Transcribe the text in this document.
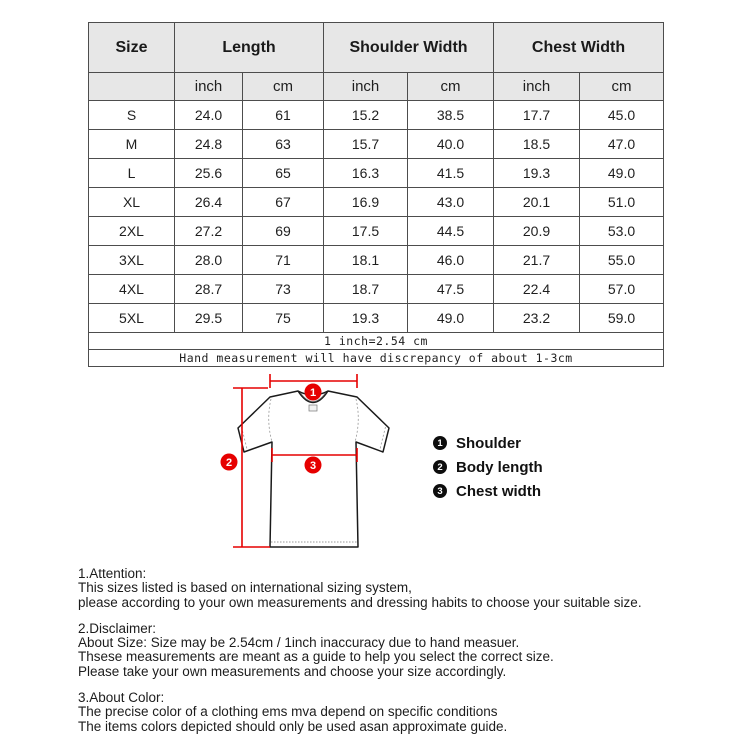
Size	Length		Shoulder Width		Chest Width	
	inch	cm	inch	cm	inch	cm
S	24.0	61	15.2	38.5	17.7	45.0
M	24.8	63	15.7	40.0	18.5	47.0
L	25.6	65	16.3	41.5	19.3	49.0
XL	26.4	67	16.9	43.0	20.1	51.0
2XL	27.2	69	17.5	44.5	20.9	53.0
3XL	28.0	71	18.1	46.0	21.7	55.0
4XL	28.7	73	18.7	47.5	22.4	57.0
5XL	29.5	75	19.3	49.0	23.2	59.0
1 inch=2.54 cm						
Hand measurement will have discrepancy of about 1-3cm						
1
2	3
1 Shoulder
2 Body length
3 Chest width
1.Attention:
This sizes listed is based on international sizing system,
please according to your own measurements and dressing habits to choose your suitable size.
2.Disclaimer:
About Size: Size may be 2.54cm / 1inch inaccuracy due to hand measuer.
Thsese measurements are meant as a guide to help you select the correct size.
Please take your own measurements and choose your size accordingly.
3.About Color:
The precise color of a clothing ems mva depend on specific conditions
The items colors depicted should only be used asan approximate guide.
